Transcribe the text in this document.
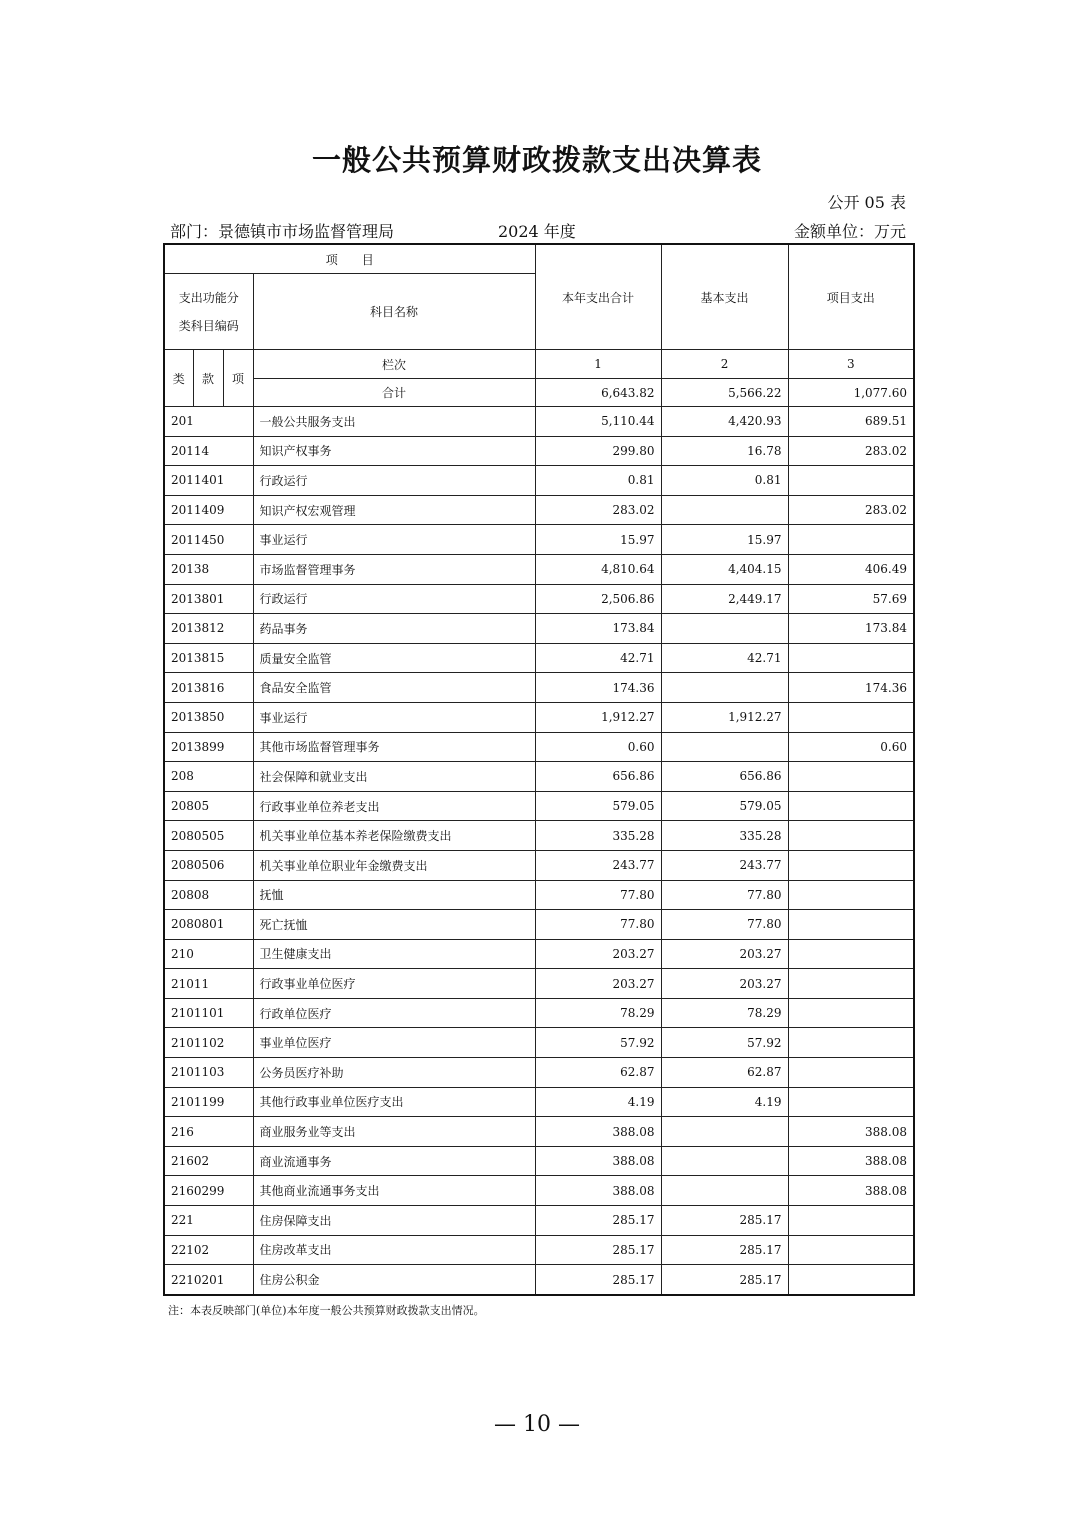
一般公共预算财政拨款支出决算表
公开 05 表
部门：景德镇市市场监督管理局	2024 年度	金额单位：万元
项　　目				本年支出合计	基本支出	项目支出
支出功能分类科目编码			科目名称			
类	款	项	栏次	1	2	3
			合计	6,643.82	5,566.22	1,077.60
201			一般公共服务支出	5,110.44	4,420.93	689.51
20114			知识产权事务	299.80	16.78	283.02
2011401			行政运行	0.81	0.81	
2011409			知识产权宏观管理	283.02		283.02
2011450			事业运行	15.97	15.97	
20138			市场监督管理事务	4,810.64	4,404.15	406.49
2013801			行政运行	2,506.86	2,449.17	57.69
2013812			药品事务	173.84		173.84
2013815			质量安全监管	42.71	42.71	
2013816			食品安全监管	174.36		174.36
2013850			事业运行	1,912.27	1,912.27	
2013899			其他市场监督管理事务	0.60		0.60
208			社会保障和就业支出	656.86	656.86	
20805			行政事业单位养老支出	579.05	579.05	
2080505			机关事业单位基本养老保险缴费支出	335.28	335.28	
2080506			机关事业单位职业年金缴费支出	243.77	243.77	
20808			抚恤	77.80	77.80	
2080801			死亡抚恤	77.80	77.80	
210			卫生健康支出	203.27	203.27	
21011			行政事业单位医疗	203.27	203.27	
2101101			行政单位医疗	78.29	78.29	
2101102			事业单位医疗	57.92	57.92	
2101103			公务员医疗补助	62.87	62.87	
2101199			其他行政事业单位医疗支出	4.19	4.19	
216			商业服务业等支出	388.08		388.08
21602			商业流通事务	388.08		388.08
2160299			其他商业流通事务支出	388.08		388.08
221			住房保障支出	285.17	285.17	
22102			住房改革支出	285.17	285.17	
2210201			住房公积金	285.17	285.17	
注：本表反映部门(单位)本年度一般公共预算财政拨款支出情况。
— 10 —
